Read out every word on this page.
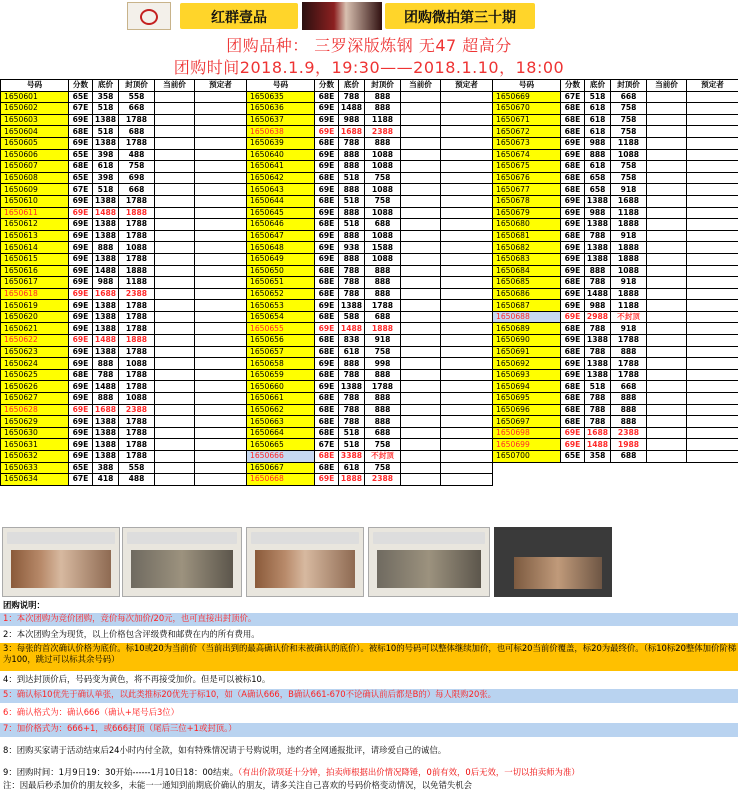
红群壹品	团购微拍第三十期
团购品种： 三罗深版炼钢 无47 超高分
团购时间2018.1.9，19:30——2018.1.10，18:00
号码	分数	底价	封顶价	当前价	预定者
1650601	65E	358	558		
1650602	67E	518	668		
1650603	69E	1388	1788		
1650604	68E	518	688		
1650605	69E	1388	1788		
1650606	65E	398	488		
1650607	68E	618	758		
1650608	65E	398	698		
1650609	67E	518	668		
1650610	69E	1388	1788		
1650611	69E	1488	1888		
1650612	69E	1388	1788		
1650613	69E	1388	1788		
1650614	69E	888	1088		
1650615	69E	1388	1788		
1650616	69E	1488	1888		
1650617	69E	988	1188		
1650618	69E	1688	2388		
1650619	69E	1388	1788		
1650620	69E	1388	1788		
1650621	69E	1388	1788		
1650622	69E	1488	1888		
1650623	69E	1388	1788		
1650624	69E	888	1088		
1650625	68E	788	1788		
1650626	69E	1488	1788		
1650627	69E	888	1088		
1650628	69E	1688	2388		
1650629	69E	1388	1788		
1650630	69E	1388	1788		
1650631	69E	1388	1788		
1650632	69E	1388	1788		
1650633	65E	388	558		
1650634	67E	418	488		
号码	分数	底价	封顶价	当前价	预定者
1650635	68E	788	888		
1650636	69E	1488	888		
1650637	69E	988	1188		
1650638	69E	1688	2388		
1650639	68E	788	888		
1650640	69E	888	1088		
1650641	69E	888	1088		
1650642	68E	518	758		
1650643	69E	888	1088		
1650644	68E	518	758		
1650645	69E	888	1088		
1650646	68E	518	688		
1650647	69E	888	1088		
1650648	69E	938	1588		
1650649	69E	888	1088		
1650650	68E	788	888		
1650651	68E	788	888		
1650652	68E	788	888		
1650653	69E	1388	1788		
1650654	68E	588	688		
1650655	69E	1488	1888		
1650656	68E	838	918		
1650657	68E	618	758		
1650658	69E	888	998		
1650659	68E	788	888		
1650660	69E	1388	1788		
1650661	68E	788	888		
1650662	68E	788	888		
1650663	68E	788	888		
1650664	68E	518	688		
1650665	67E	518	758		
1650666	68E	3388	不封顶		
1650667	68E	618	758		
1650668	69E	1888	2388		
号码	分数	底价	封顶价	当前价	预定者
1650669	67E	518	668		
1650670	68E	618	758		
1650671	68E	618	758		
1650672	68E	618	758		
1650673	69E	988	1188		
1650674	69E	888	1088		
1650675	68E	618	758		
1650676	68E	658	758		
1650677	68E	658	918		
1650678	69E	1388	1688		
1650679	69E	988	1188		
1650680	69E	1388	1888		
1650681	68E	788	918		
1650682	69E	1388	1888		
1650683	69E	1388	1888		
1650684	69E	888	1088		
1650685	68E	788	918		
1650686	69E	1488	1888		
1650687	69E	988	1188		
1650688	69E	2988	不封顶		
1650689	68E	788	918		
1650690	69E	1388	1788		
1650691	68E	788	888		
1650692	69E	1388	1788		
1650693	69E	1388	1788		
1650694	68E	518	668		
1650695	68E	788	888		
1650696	68E	788	888		
1650697	68E	788	888		
1650698	69E	1688	2388		
1650699	69E	1488	1988		
1650700	65E	358	688		
团购说明：
1：本次团购为竞价团购，竞价每次加价/20元，也可直接出封顶价。
2：本次团购全为现货，以上价格包含评级费和邮费在内的所有费用。
3：每张的首次确认价格为底价。标10或20为当前价（当前出到的最高确认价和未被确认的底价）。被标10的号码可以整体继续加价，也可标20当前价覆盖，标20为最终价。（标10标20整体加价阶梯为100，跳过可以标其余号码）
4：到达封顶价后，号码变为黄色，将不再接受加价。但是可以被标10。
5：确认标10优先于确认单张，以此类推标20优先于标10，如（A确认666，B确认661-670不论确认前后都是B的）每人限购20张。
6：确认格式为：确认666（确认+尾号后3位）
7：加价格式为：666+1，或666封顶（尾后三位+1或封顶。）
8：团购买家请于活动结束后24小时内付全款，如有特殊情况请于号购说明，违约者全网通报批评，请珍爱自己的诚信。
9：团购时间：1月9日19：30开始------1月10日18：00结束。（有出价款项延十分钟，拍卖师根据出价情况降锤，0前有效，0后无效，一切以拍卖师为准）
注：因最后秒杀加价的朋友较多，未能一一通知到前期底价确认的朋友，请多关注自己喜欢的号码价格变动情况，以免错失机会
